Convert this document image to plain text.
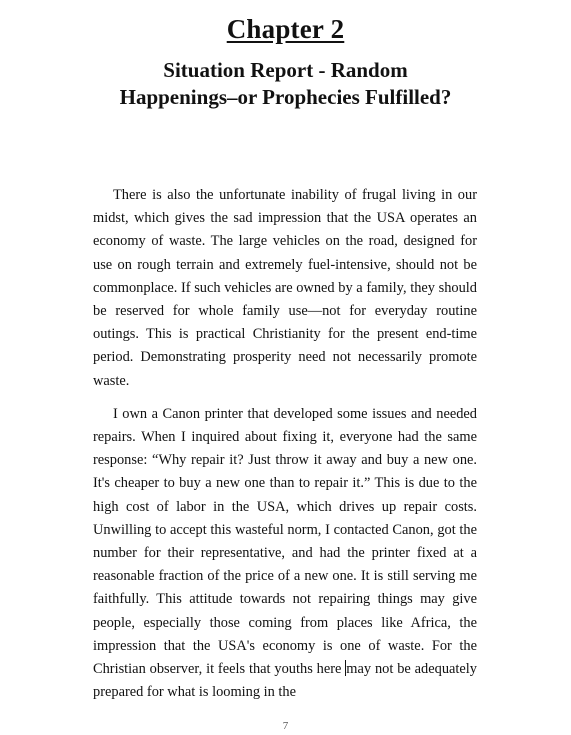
Chapter 2
Situation Report - Random
Happenings–or Prophecies Fulfilled?

There is also the unfortunate inability of frugal living in our midst, which gives the sad impression that the USA operates an economy of waste. The large vehicles on the road, designed for use on rough terrain and extremely fuel-intensive, should not be commonplace. If such vehicles are owned by a family, they should be reserved for whole family use—not for everyday routine outings. This is practical Christianity for the present end-time period. Demonstrating prosperity need not necessarily promote waste.

I own a Canon printer that developed some issues and needed repairs. When I inquired about fixing it, everyone had the same response: “Why repair it? Just throw it away and buy a new one. It's cheaper to buy a new one than to repair it.” This is due to the high cost of labor in the USA, which drives up repair costs. Unwilling to accept this wasteful norm, I contacted Canon, got the number for their representative, and had the printer fixed at a reasonable fraction of the price of a new one. It is still serving me faithfully. This attitude towards not repairing things may give people, especially those coming from places like Africa, the impression that the USA's economy is one of waste. For the Christian observer, it feels that youths here may not be adequately prepared for what is looming in the

7
